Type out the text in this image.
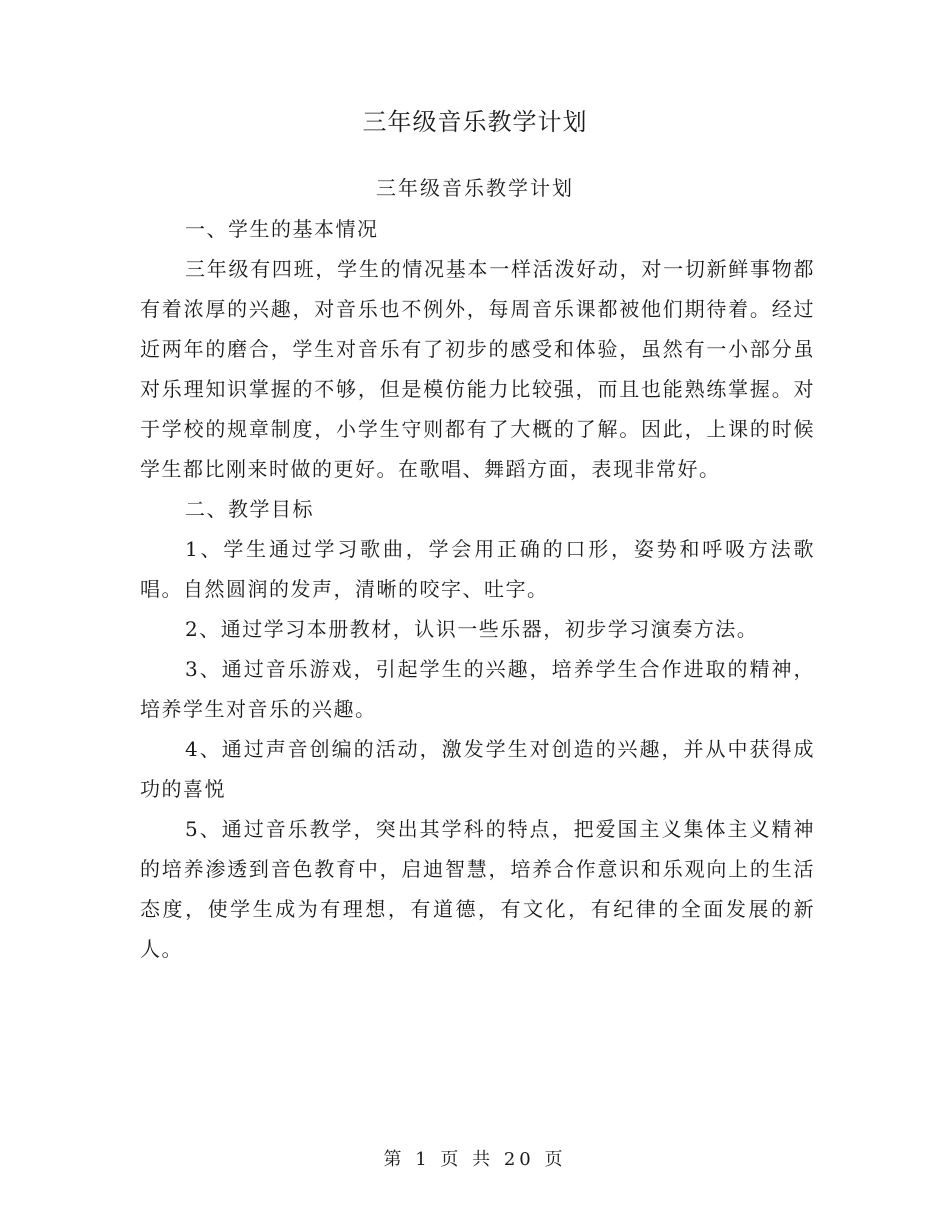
三年级音乐教学计划
三年级音乐教学计划

一、学生的基本情况

三年级有四班，学生的情况基本一样活泼好动，对一切新鲜事物都有着浓厚的兴趣，对音乐也不例外，每周音乐课都被他们期待着。经过近两年的磨合，学生对音乐有了初步的感受和体验，虽然有一小部分虽对乐理知识掌握的不够，但是模仿能力比较强，而且也能熟练掌握。对于学校的规章制度，小学生守则都有了大概的了解。因此，上课的时候学生都比刚来时做的更好。在歌唱、舞蹈方面，表现非常好。

二、教学目标

1、学生通过学习歌曲，学会用正确的口形，姿势和呼吸方法歌唱。自然圆润的发声，清晰的咬字、吐字。

2、通过学习本册教材，认识一些乐器，初步学习演奏方法。

3、通过音乐游戏，引起学生的兴趣，培养学生合作进取的精神，培养学生对音乐的兴趣。

4、通过声音创编的活动，激发学生对创造的兴趣，并从中获得成功的喜悦

5、通过音乐教学，突出其学科的特点，把爱国主义集体主义精神的培养渗透到音色教育中，启迪智慧，培养合作意识和乐观向上的生活态度，使学生成为有理想，有道德，有文化，有纪律的全面发展的新人。

第 1 页 共 20 页
